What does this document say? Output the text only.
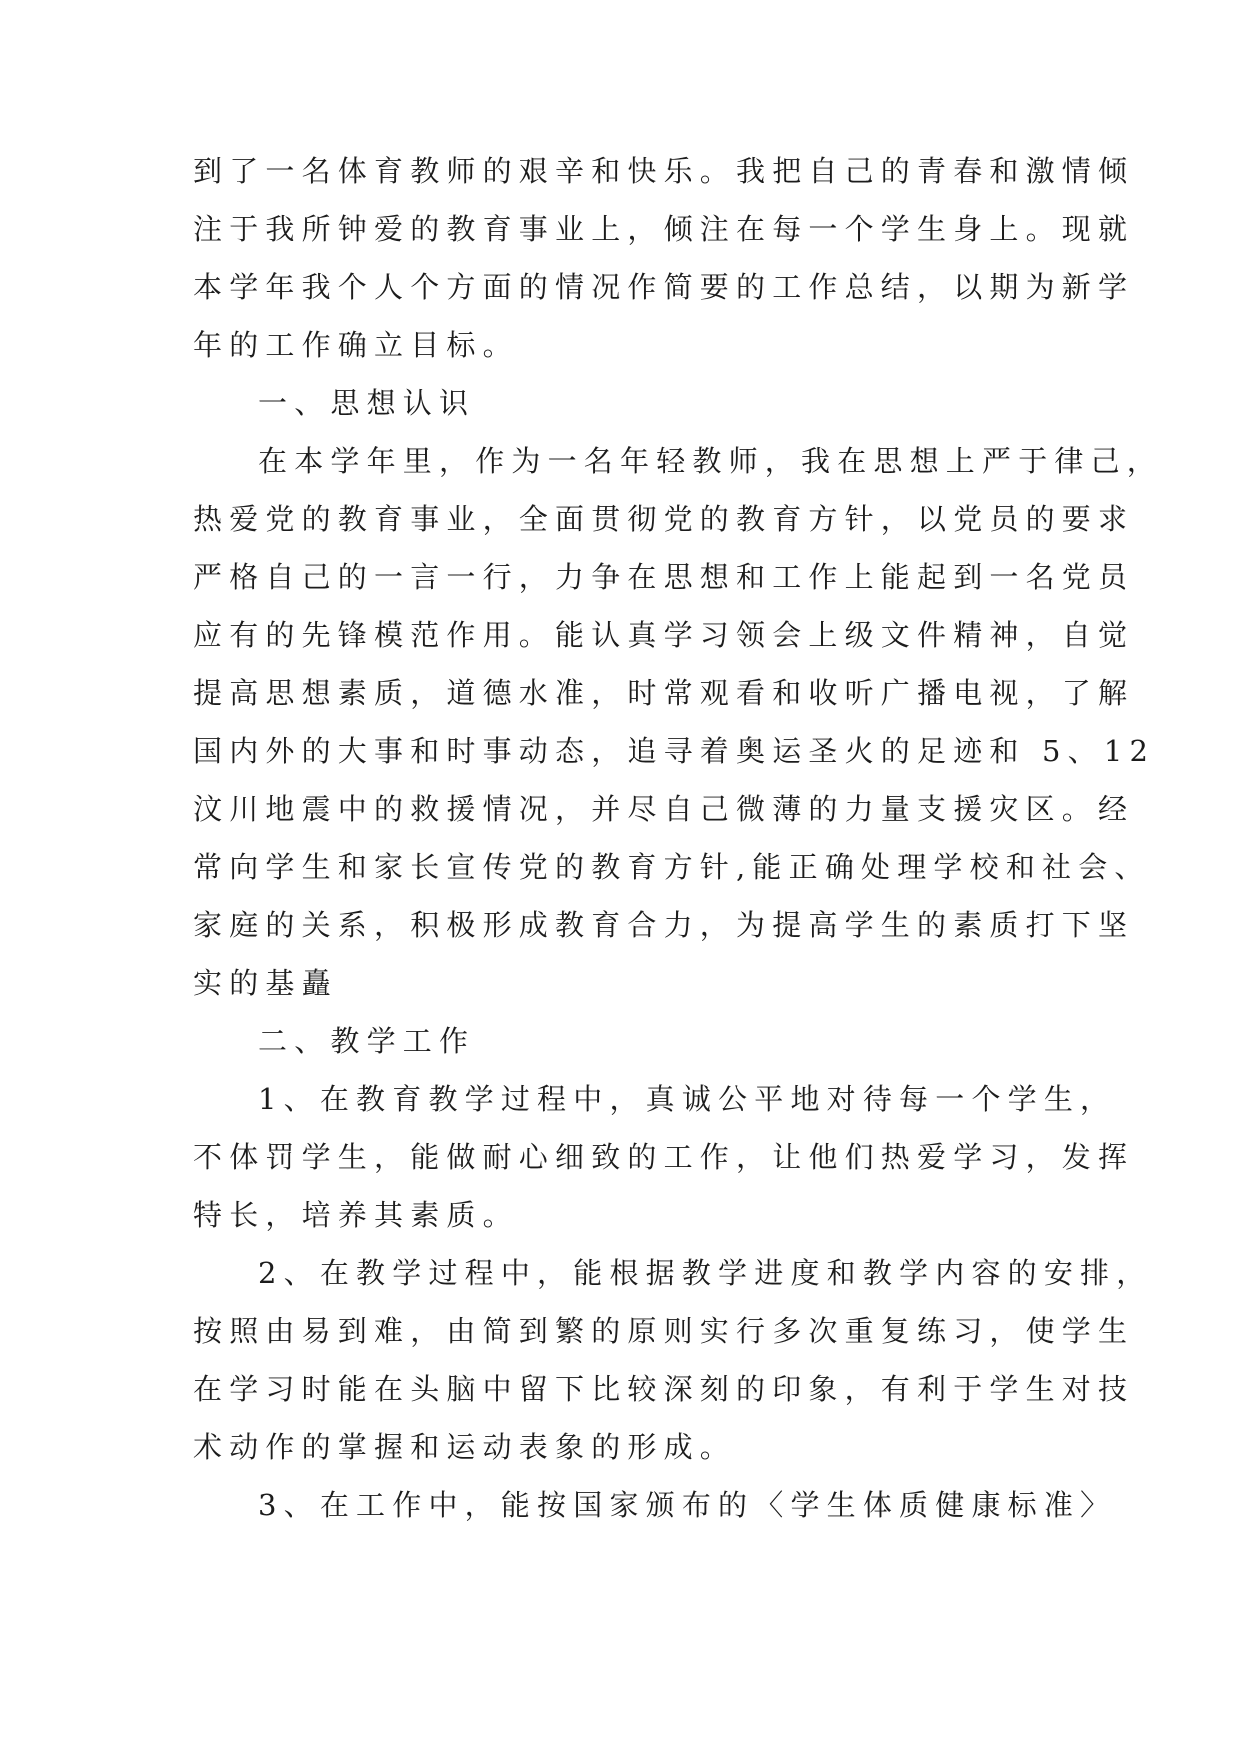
到了一名体育教师的艰辛和快乐。我把自己的青春和激情倾

注于我所钟爱的教育事业上，倾注在每一个学生身上。现就

本学年我个人个方面的情况作简要的工作总结，以期为新学

年的工作确立目标。

一、思想认识

在本学年里，作为一名年轻教师，我在思想上严于律己，

热爱党的教育事业，全面贯彻党的教育方针，以党员的要求

严格自己的一言一行，力争在思想和工作上能起到一名党员

应有的先锋模范作用。能认真学习领会上级文件精神，自觉

提高思想素质，道德水准，时常观看和收听广播电视，了解

国内外的大事和时事动态，追寻着奥运圣火的足迹和 5、12

汶川地震中的救援情况，并尽自己微薄的力量支援灾区。经

常向学生和家长宣传党的教育方针,能正确处理学校和社会、

家庭的关系，积极形成教育合力，为提高学生的素质打下坚

实的基矗

二、教学工作

1、在教育教学过程中，真诚公平地对待每一个学生，

不体罚学生，能做耐心细致的工作，让他们热爱学习，发挥

特长，培养其素质。

2、在教学过程中，能根据教学进度和教学内容的安排，

按照由易到难，由简到繁的原则实行多次重复练习，使学生

在学习时能在头脑中留下比较深刻的印象，有利于学生对技

术动作的掌握和运动表象的形成。

3、在工作中，能按国家颁布的〈学生体质健康标准〉
